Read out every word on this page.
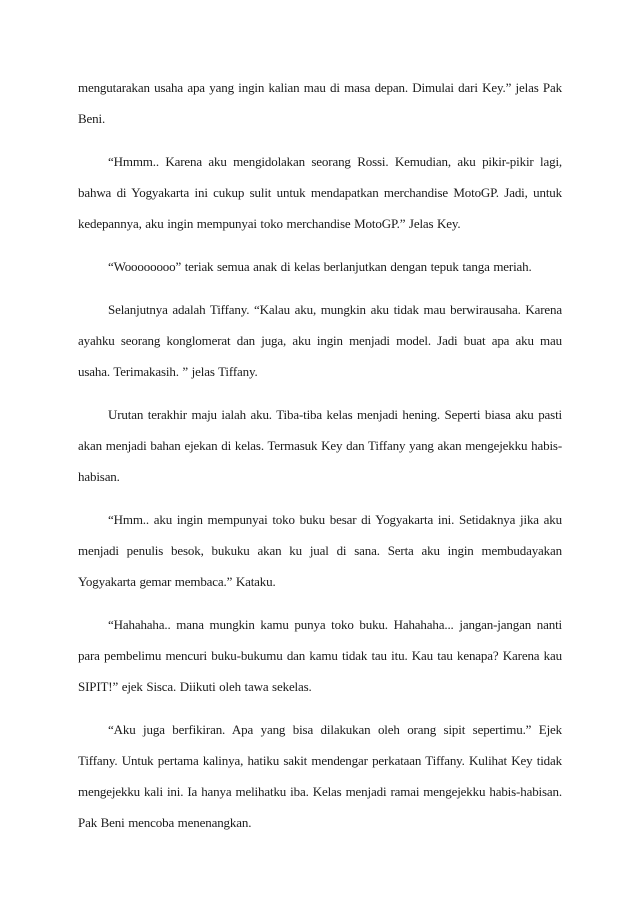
mengutarakan usaha apa yang ingin kalian mau di masa depan. Dimulai dari Key.” jelas Pak Beni.

“Hmmm.. Karena aku mengidolakan seorang Rossi. Kemudian, aku pikir-pikir lagi, bahwa di Yogyakarta ini cukup sulit untuk mendapatkan merchandise MotoGP. Jadi, untuk kedepannya, aku ingin mempunyai toko merchandise MotoGP.” Jelas Key.

“Woooooooo” teriak semua anak di kelas berlanjutkan dengan tepuk tanga meriah.

Selanjutnya adalah Tiffany. “Kalau aku, mungkin aku tidak mau berwirausaha. Karena ayahku seorang konglomerat dan juga, aku ingin menjadi model. Jadi buat apa aku mau usaha. Terimakasih. ” jelas Tiffany.

Urutan terakhir maju ialah aku. Tiba-tiba kelas menjadi hening. Seperti biasa aku pasti akan menjadi bahan ejekan di kelas. Termasuk Key dan Tiffany yang akan mengejekku habis-habisan.

“Hmm.. aku ingin mempunyai toko buku besar di Yogyakarta ini. Setidaknya jika aku menjadi penulis besok, bukuku akan ku jual di sana. Serta aku ingin membudayakan Yogyakarta gemar membaca.” Kataku.

“Hahahaha.. mana mungkin kamu punya toko buku. Hahahaha... jangan-jangan nanti para pembelimu mencuri buku-bukumu dan kamu tidak tau itu. Kau tau kenapa? Karena kau SIPIT!” ejek Sisca. Diikuti oleh tawa sekelas.

“Aku juga berfikiran. Apa yang bisa dilakukan oleh orang sipit sepertimu.” Ejek Tiffany. Untuk pertama kalinya, hatiku sakit mendengar perkataan Tiffany. Kulihat Key tidak mengejekku kali ini. Ia hanya melihatku iba. Kelas menjadi ramai mengejekku habis-habisan. Pak Beni mencoba menenangkan.
